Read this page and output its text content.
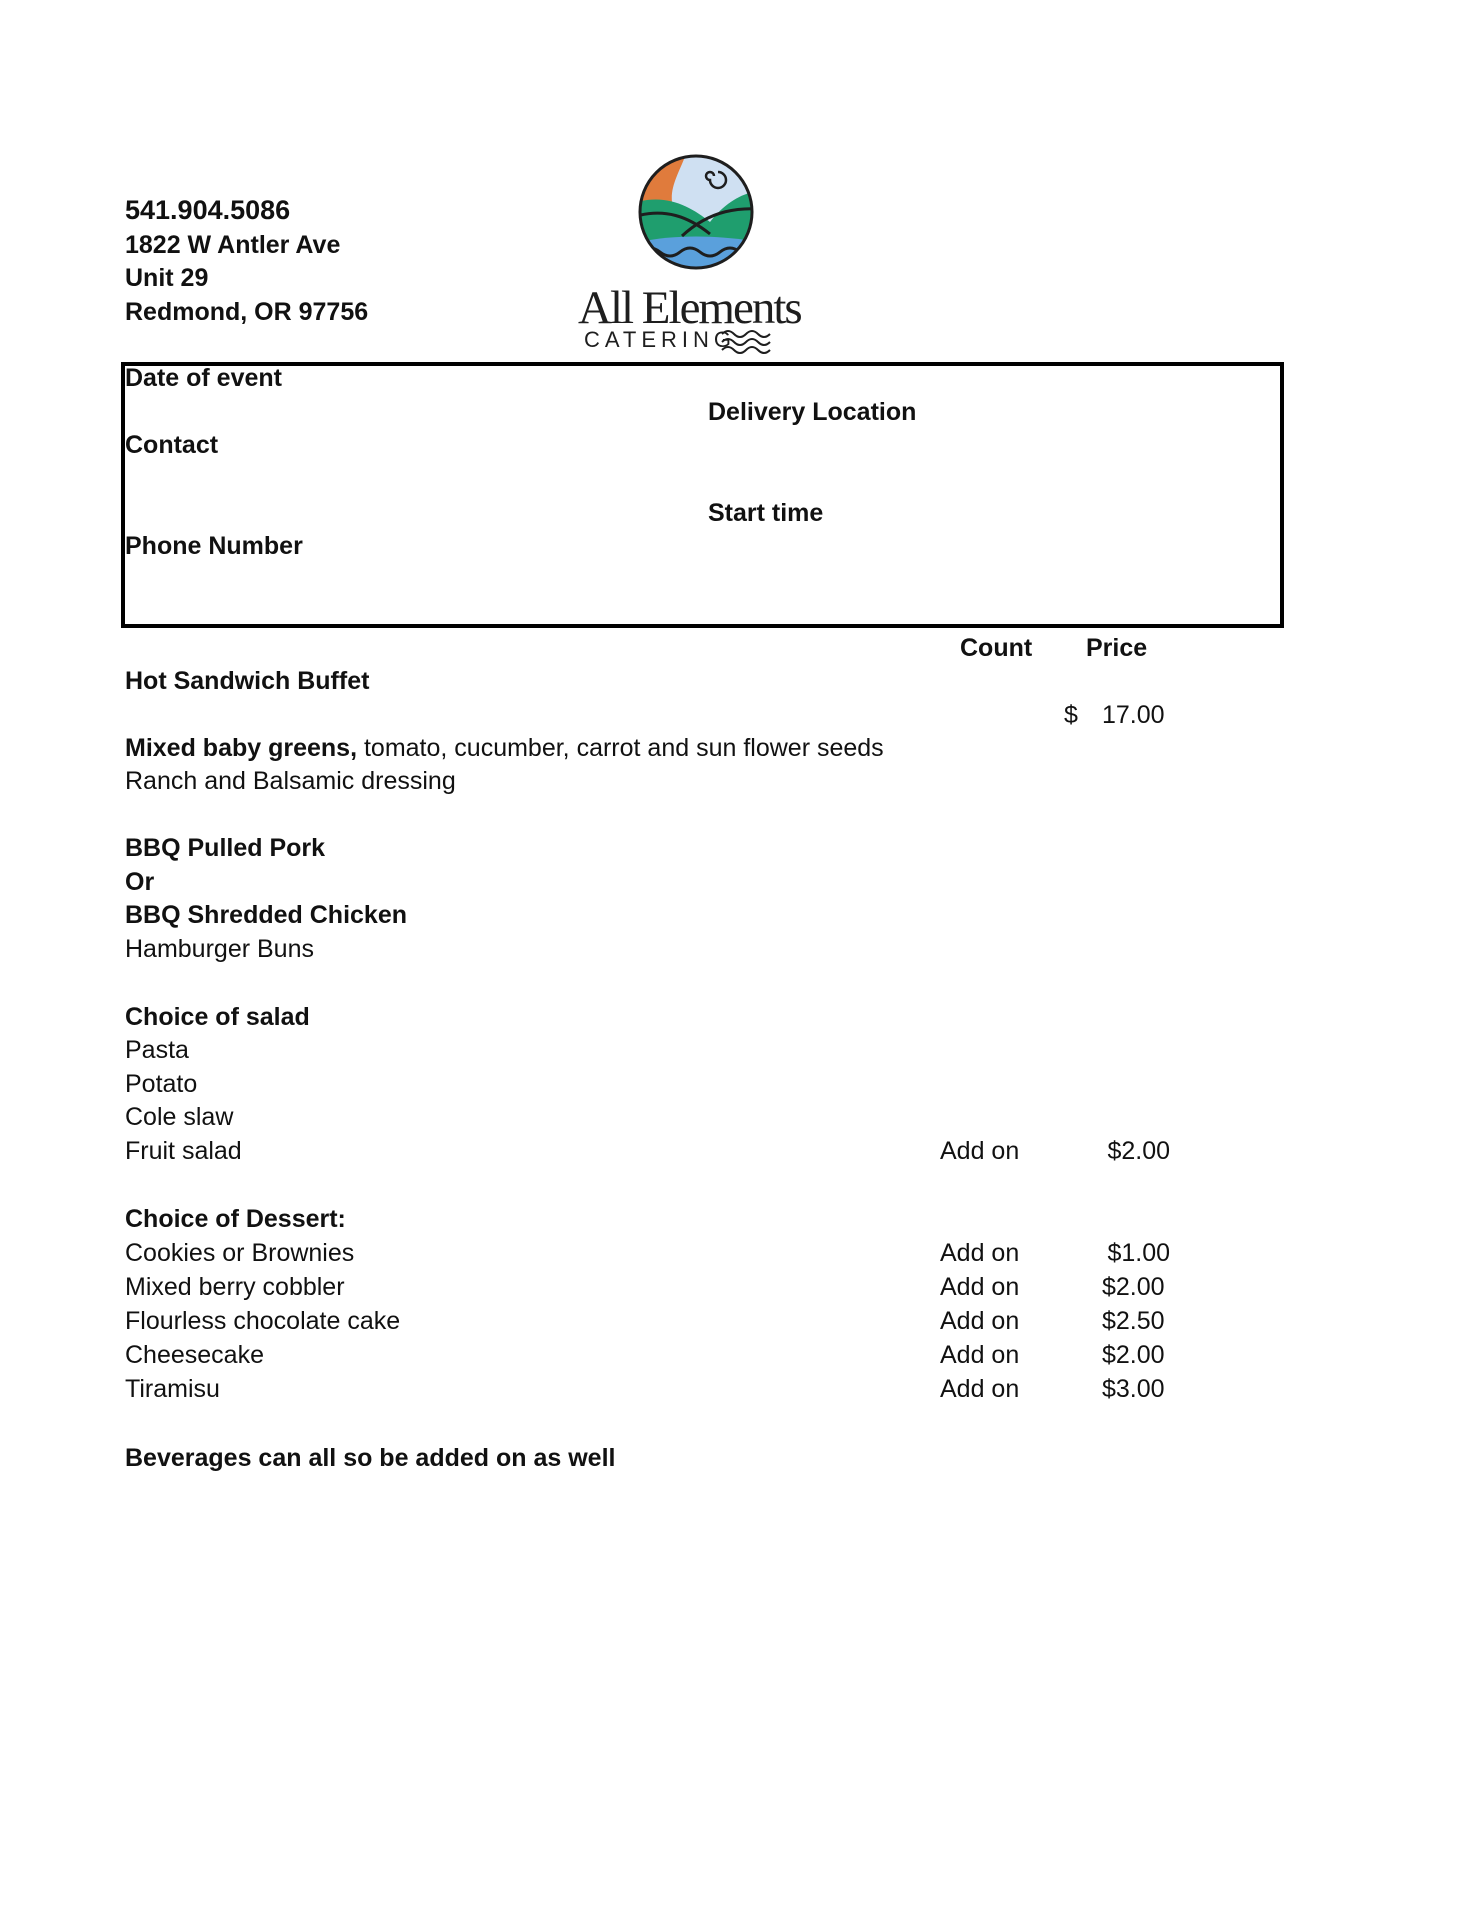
541.904.5086
1822 W Antler Ave
Unit 29
Redmond, OR 97756	All Elements
CATERING
Date of event
Contact
Phone Number
Delivery Location
Start time
Count Price
Hot Sandwich Buffet
$ 17.00
Mixed baby greens, tomato, cucumber, carrot and sun flower seeds
Ranch and Balsamic dressing
BBQ Pulled Pork
Or
BBQ Shredded Chicken
Hamburger Buns
Choice of salad
Pasta
Potato
Cole slaw
Fruit salad	Add on	$2.00
Choice of Dessert:
Cookies or Brownies	Add on	$1.00
Mixed berry cobbler	Add on	$2.00
Flourless chocolate cake	Add on	$2.50
Cheesecake	Add on	$2.00
Tiramisu	Add on	$3.00
Beverages can all so be added on as well
